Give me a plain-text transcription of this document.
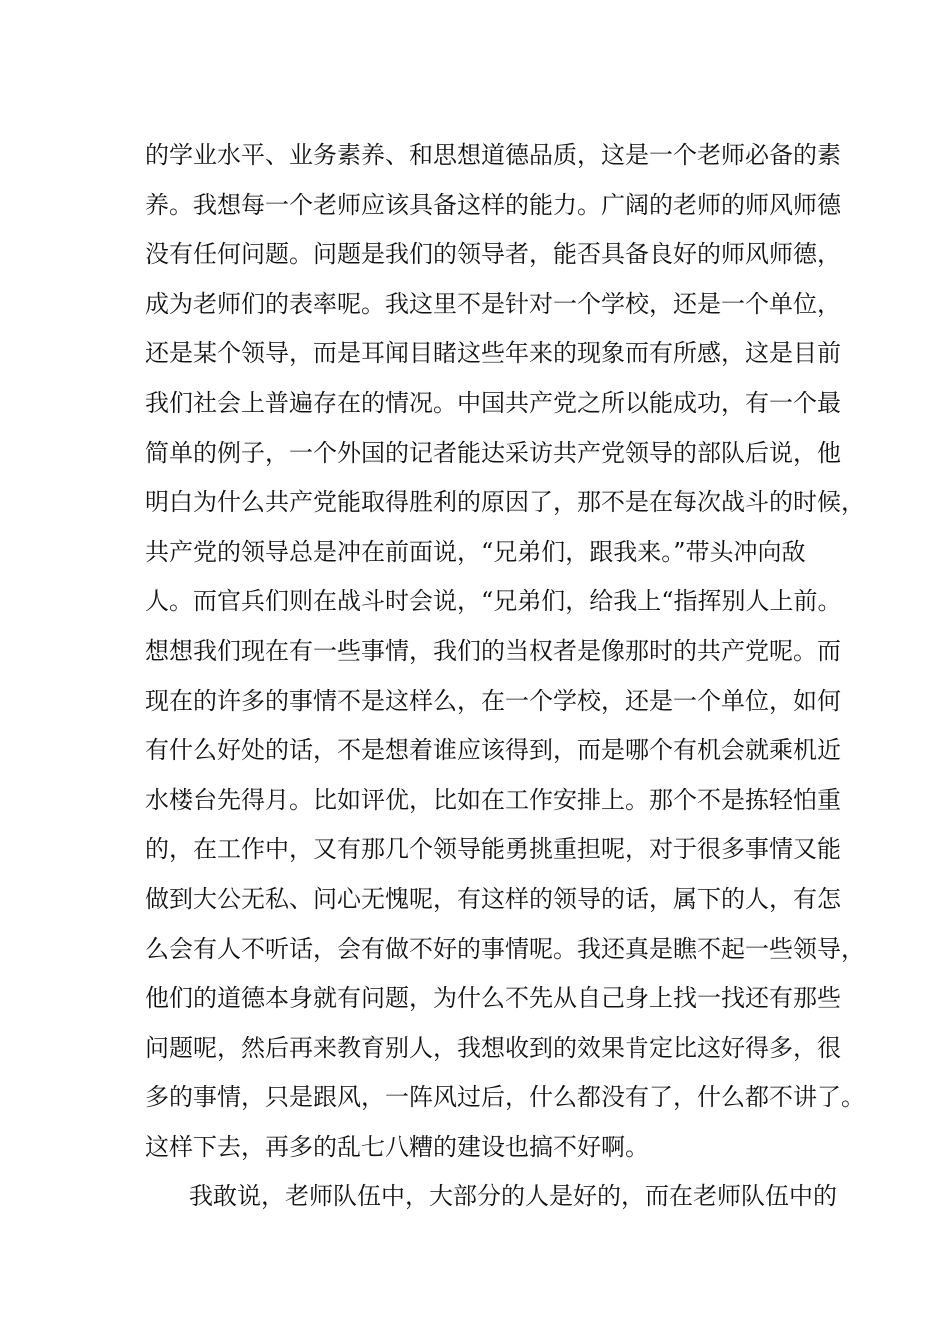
的学业水平、业务素养、和思想道德品质，这是一个老师必备的素
养。我想每一个老师应该具备这样的能力。广阔的老师的师风师德
没有任何问题。问题是我们的领导者，能否具备良好的师风师德，
成为老师们的表率呢。我这里不是针对一个学校，还是一个单位，
还是某个领导，而是耳闻目睹这些年来的现象而有所感，这是目前
我们社会上普遍存在的情况。中国共产党之所以能成功，有一个最
简单的例子，一个外国的记者能达采访共产党领导的部队后说，他
明白为什么共产党能取得胜利的原因了，那不是在每次战斗的时候，
共产党的领导总是冲在前面说，“兄弟们，跟我来。”带头冲向敌
人。而官兵们则在战斗时会说，“兄弟们，给我上“指挥别人上前。
想想我们现在有一些事情，我们的当权者是像那时的共产党呢。而
现在的许多的事情不是这样么，在一个学校，还是一个单位，如何
有什么好处的话，不是想着谁应该得到，而是哪个有机会就乘机近
水楼台先得月。比如评优，比如在工作安排上。那个不是拣轻怕重
的，在工作中，又有那几个领导能勇挑重担呢，对于很多事情又能
做到大公无私、问心无愧呢，有这样的领导的话，属下的人，有怎
么会有人不听话，会有做不好的事情呢。我还真是瞧不起一些领导，
他们的道德本身就有问题，为什么不先从自己身上找一找还有那些
问题呢，然后再来教育别人，我想收到的效果肯定比这好得多，很
多的事情，只是跟风，一阵风过后，什么都没有了，什么都不讲了。
这样下去，再多的乱七八糟的建设也搞不好啊。
我敢说，老师队伍中，大部分的人是好的，而在老师队伍中的
